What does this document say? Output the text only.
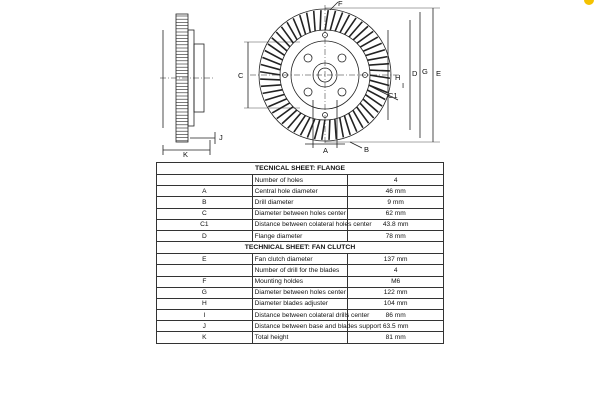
K
J
C
A	B
F
H
I
C1
D G E
TECNICAL SHEET: FLANGE		
	Number of holes	4
A	Central hole diameter	46 mm
B	Drill diameter	9 mm
C	Diameter between holes center	62 mm
C1	Distance between colateral holes center	43.8 mm
D	Flange diameter	78 mm
TECHNICAL SHEET: FAN CLUTCH		
E	Fan clutch diameter	137 mm
	Number of drill for the blades	4
F	Mounting holdes	M6
G	Diameter between holes center	122 mm
H	Diameter blades adjuster	104 mm
I	Distance between colateral drills center	86 mm
J	Distance between base and blades support	63.5 mm
K	Total height	81 mm
